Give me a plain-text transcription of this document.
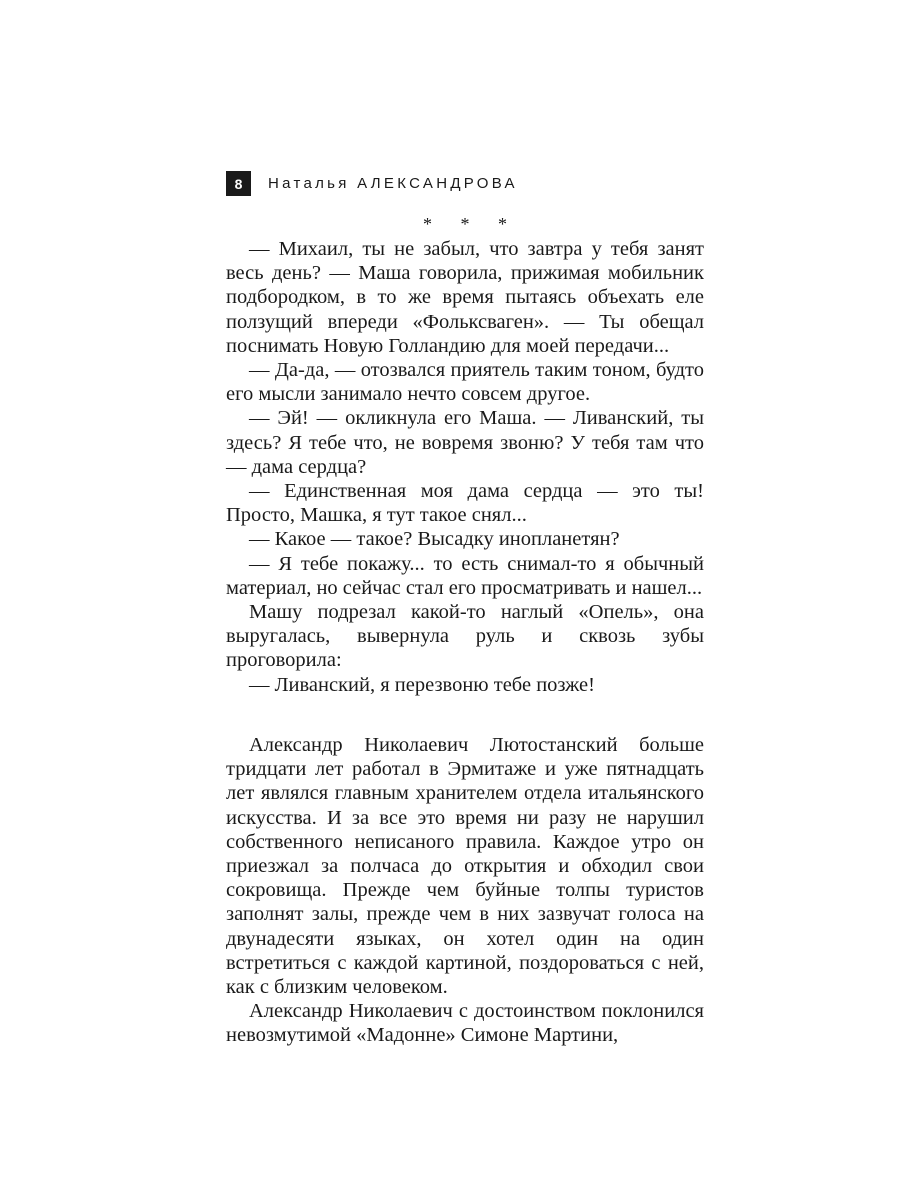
8	Наталья АЛЕКСАНДРОВА
* * *

— Михаил, ты не забыл, что завтра у тебя занят весь день? — Маша говорила, прижимая мобильник подбородком, в то же время пытаясь объехать еле ползущий впереди «Фольксваген». — Ты обещал поснимать Новую Голландию для моей передачи...

— Да-да, — отозвался приятель таким тоном, будто его мысли занимало нечто совсем другое.

— Эй! — окликнула его Маша. — Ливанский, ты здесь? Я тебе что, не вовремя звоню? У тебя там что — дама сердца?

— Единственная моя дама сердца — это ты! Просто, Машка, я тут такое снял...

— Какое — такое? Высадку инопланетян?

— Я тебе покажу... то есть снимал-то я обычный материал, но сейчас стал его просматривать и нашел...

Машу подрезал какой-то наглый «Опель», она выругалась, вывернула руль и сквозь зубы проговорила:

— Ливанский, я перезвоню тебе позже!

Александр Николаевич Лютостанский больше тридцати лет работал в Эрмитаже и уже пятнадцать лет являлся главным хранителем отдела итальянского искусства. И за все это время ни разу не нарушил собственного неписаного правила. Каждое утро он приезжал за полчаса до открытия и обходил свои сокровища. Прежде чем буйные толпы туристов заполнят залы, прежде чем в них зазвучат голоса на двунадесяти языках, он хотел один на один встретиться с каждой картиной, поздороваться с ней, как с близким человеком.

Александр Николаевич с достоинством поклонился невозмутимой «Мадонне» Симоне Мартини,
